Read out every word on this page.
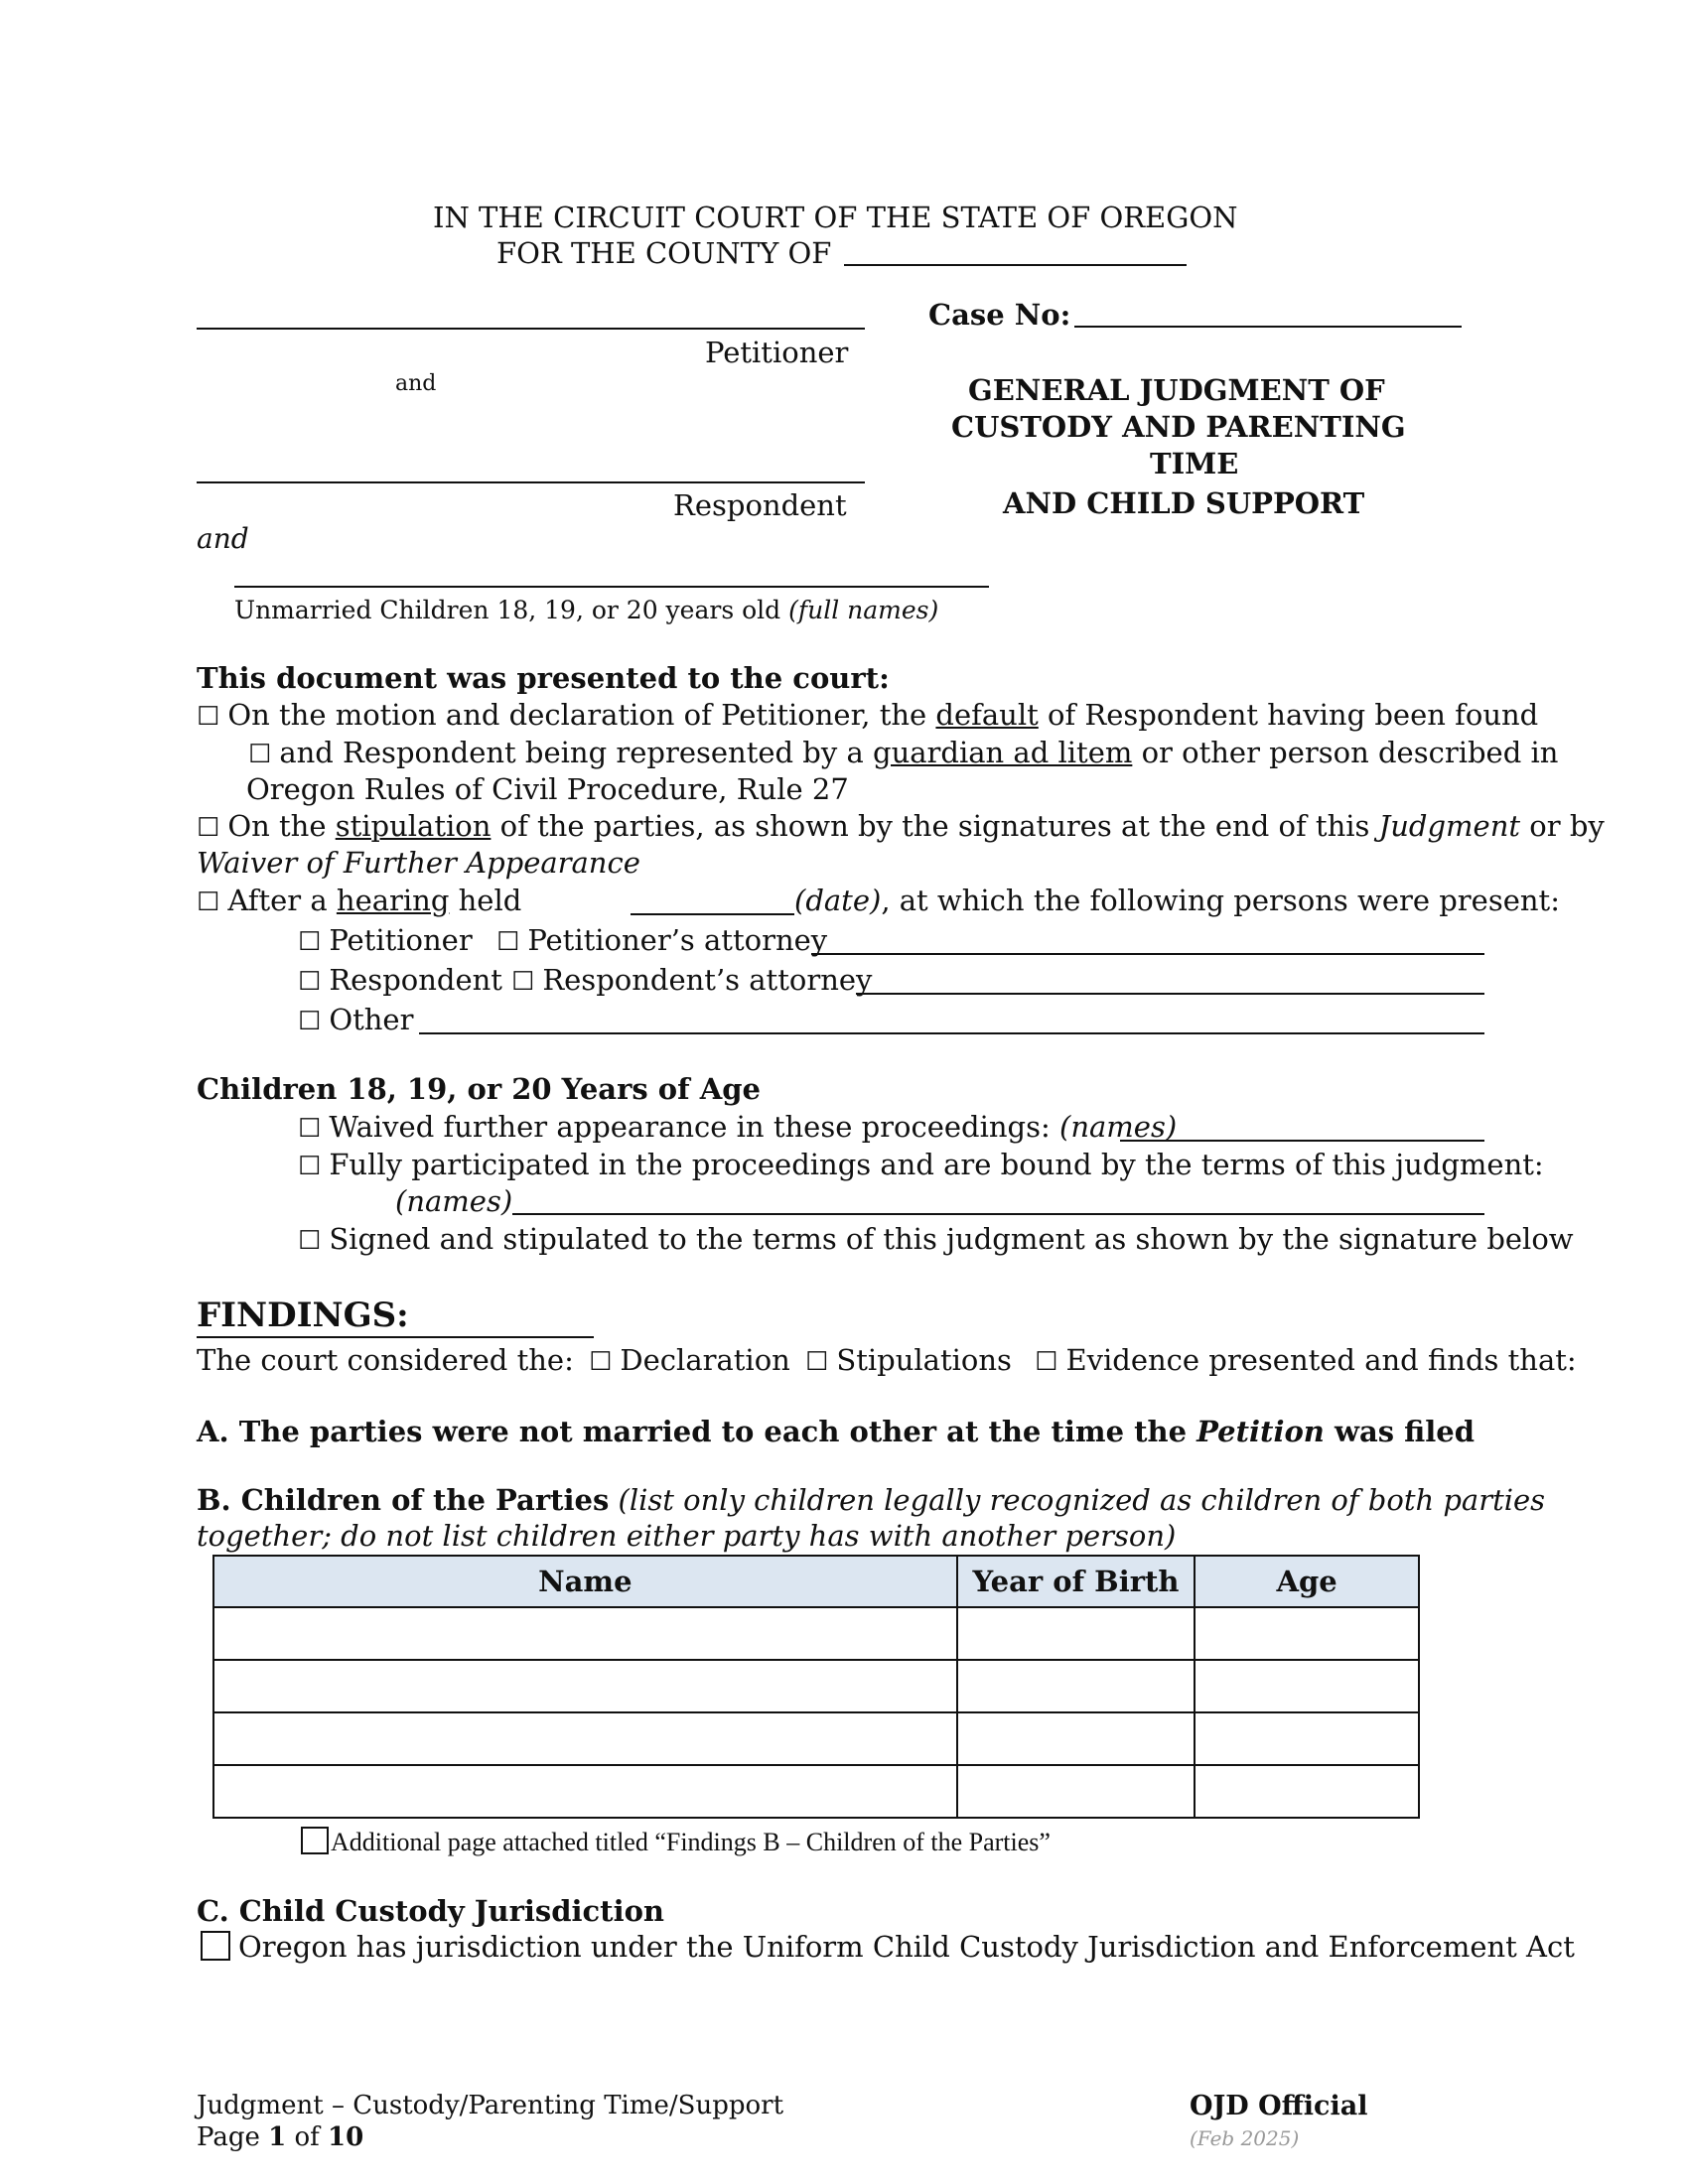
IN THE CIRCUIT COURT OF THE STATE OF OREGON
FOR THE COUNTY OF
Case No:
Petitioner
and
Respondent
and
Unmarried Children 18, 19, or 20 years old (full names)
GENERAL JUDGMENT OF
CUSTODY AND PARENTING
TIME
AND CHILD SUPPORT
This document was presented to the court:
☐ On the motion and declaration of Petitioner, the default of Respondent having been found
☐ and Respondent being represented by a guardian ad litem or other person described in
Oregon Rules of Civil Procedure, Rule 27
☐ On the stipulation of the parties, as shown by the signatures at the end of this Judgment or by
Waiver of Further Appearance
☐ After a hearing held	(date), at which the following persons were present:
☐ Petitioner ☐ Petitioner’s attorney
☐ Respondent ☐ Respondent’s attorney
☐ Other
Children 18, 19, or 20 Years of Age
☐ Waived further appearance in these proceedings: (names)
☐ Fully participated in the proceedings and are bound by the terms of this judgment:
(names)
☐ Signed and stipulated to the terms of this judgment as shown by the signature below
FINDINGS:
The court considered the: ☐ Declaration ☐ Stipulations ☐ Evidence presented and finds that:
A. The parties were not married to each other at the time the Petition was filed
B. Children of the Parties (list only children legally recognized as children of both parties
together; do not list children either party has with another person)
Name	Year of Birth	Age

Additional page attached titled “Findings B – Children of the Parties”
C. Child Custody Jurisdiction
Oregon has jurisdiction under the Uniform Child Custody Jurisdiction and Enforcement Act
Judgment – Custody/Parenting Time/Support
Page 1 of 10
OJD Official
(Feb 2025)
